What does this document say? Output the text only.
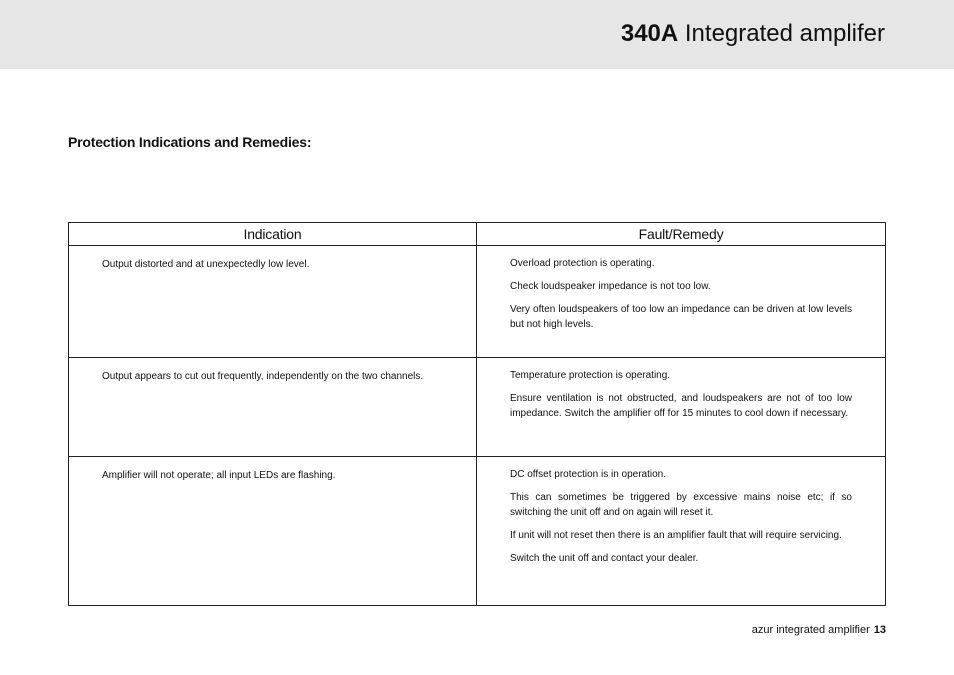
340A Integrated amplifer
Protection Indications and Remedies:
Indication	Fault/Remedy
Output distorted and at unexpectedly low level.	Overload protection is operating.

Check loudspeaker impedance is not too low.

Very often loudspeakers of too low an impedance can be driven at low levels but not high levels.

Output appears to cut out frequently, independently on the two channels.	Temperature protection is operating.

Ensure ventilation is not obstructed, and loudspeakers are not of too low impedance. Switch the amplifier off for 15 minutes to cool down if necessary.

Amplifier will not operate; all input LEDs are flashing.	DC offset protection is in operation.

This can sometimes be triggered by excessive mains noise etc; if so switching the unit off and on again will reset it.

If unit will not reset then there is an amplifier fault that will require servicing.

Switch the unit off and contact your dealer.

azur integrated amplifier 13
